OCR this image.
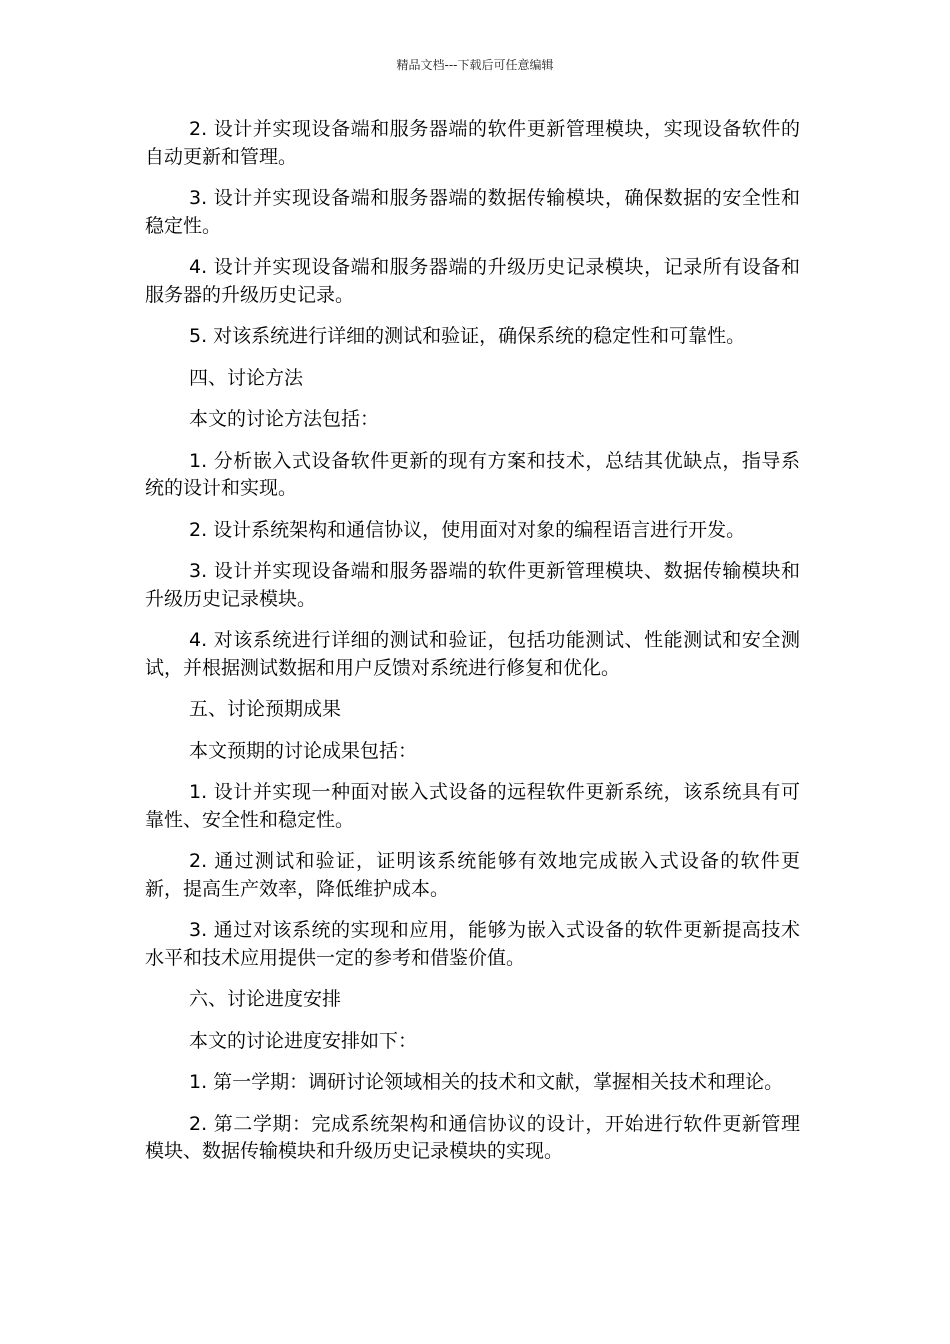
精品文档---下载后可任意编辑

2. 设计并实现设备端和服务器端的软件更新管理模块，实现设备软件的自动更新和管理。

3. 设计并实现设备端和服务器端的数据传输模块，确保数据的安全性和稳定性。

4. 设计并实现设备端和服务器端的升级历史记录模块，记录所有设备和服务器的升级历史记录。

5. 对该系统进行详细的测试和验证，确保系统的稳定性和可靠性。

四、讨论方法

本文的讨论方法包括：

1. 分析嵌入式设备软件更新的现有方案和技术，总结其优缺点，指导系统的设计和实现。

2. 设计系统架构和通信协议，使用面对对象的编程语言进行开发。

3. 设计并实现设备端和服务器端的软件更新管理模块、数据传输模块和升级历史记录模块。

4. 对该系统进行详细的测试和验证，包括功能测试、性能测试和安全测试，并根据测试数据和用户反馈对系统进行修复和优化。

五、讨论预期成果

本文预期的讨论成果包括：

1. 设计并实现一种面对嵌入式设备的远程软件更新系统，该系统具有可靠性、安全性和稳定性。

2. 通过测试和验证，证明该系统能够有效地完成嵌入式设备的软件更新，提高生产效率，降低维护成本。

3. 通过对该系统的实现和应用，能够为嵌入式设备的软件更新提高技术水平和技术应用提供一定的参考和借鉴价值。

六、讨论进度安排

本文的讨论进度安排如下：

1. 第一学期：调研讨论领域相关的技术和文献，掌握相关技术和理论。

2. 第二学期：完成系统架构和通信协议的设计，开始进行软件更新管理模块、数据传输模块和升级历史记录模块的实现。
